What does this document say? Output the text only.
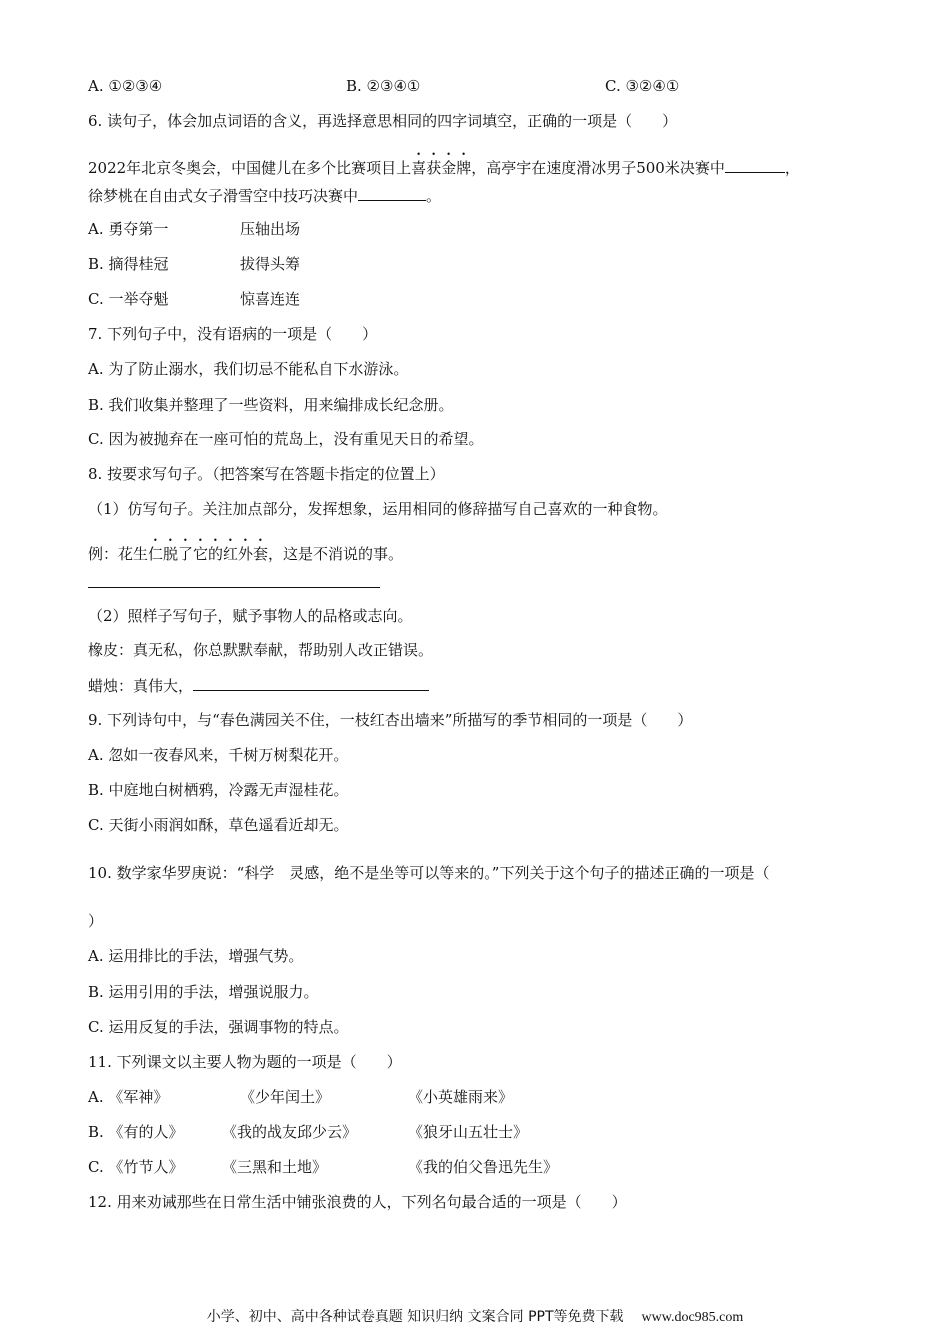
A. ①②③④	B. ②③④①	C. ③②④①
6. 读句子，体会加点词语的含义，再选择意思相同的四字词填空，正确的一项是（　　）
2022年北京冬奥会，中国健儿在多个比赛项目上喜获金牌，高亭宇在速度滑冰男子500米决赛中	，
徐梦桃在自由式女子滑雪空中技巧决赛中	。
A. 勇夺第一	压轴出场
B. 摘得桂冠	拔得头筹
C. 一举夺魁	惊喜连连
7. 下列句子中，没有语病的一项是（　　）
A. 为了防止溺水，我们切忌不能私自下水游泳。
B. 我们收集并整理了一些资料，用来编排成长纪念册。
C. 因为被抛弃在一座可怕的荒岛上，没有重见天日的希望。
8. 按要求写句子。（把答案写在答题卡指定的位置上）
（1）仿写句子。关注加点部分，发挥想象，运用相同的修辞描写自己喜欢的一种食物。
例：花生仁脱了它的红外套，这是不消说的事。
（2）照样子写句子，赋予事物人的品格或志向。
橡皮：真无私，你总默默奉献，帮助别人改正错误。
蜡烛：真伟大，
9. 下列诗句中，与“春色满园关不住，一枝红杏出墙来”所描写的季节相同的一项是（　　）
A. 忽如一夜春风来，千树万树梨花开。
B. 中庭地白树栖鸦，冷露无声湿桂花。
C. 天街小雨润如酥，草色遥看近却无。
10. 数学家华罗庚说：“科学　灵感，绝不是坐等可以等来的。”下列关于这个句子的描述正确的一项是（
）
A. 运用排比的手法，增强气势。
B. 运用引用的手法，增强说服力。
C. 运用反复的手法，强调事物的特点。
11. 下列课文以主要人物为题的一项是（　　）
A. 《军神》	《少年闰土》	《小英雄雨来》
B. 《有的人》	《我的战友邱少云》	《狼牙山五壮士》
C. 《竹节人》	《三黑和土地》	《我的伯父鲁迅先生》
12. 用来劝诫那些在日常生活中铺张浪费的人，下列名句最合适的一项是（　　）
小学、初中、高中各种试卷真题 知识归纳 文案合同 PPT等免费下载 www.doc985.com
